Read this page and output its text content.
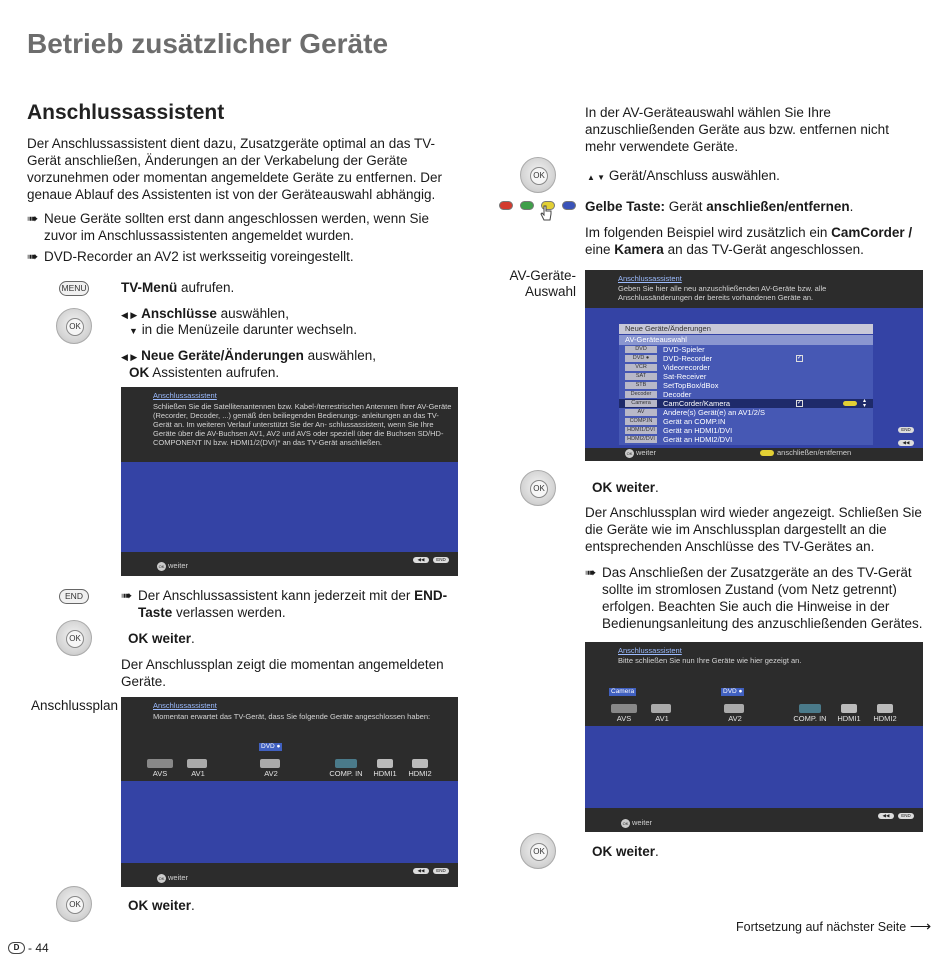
Betrieb zusätzlicher Geräte
Anschlussassistent
Der Anschlussassistent dient dazu, Zusatzgeräte optimal an das TV-Gerät anschließen, Änderungen an der Verkabelung der Geräte vorzunehmen oder momentan angemeldete Geräte zu entfernen. Der genaue Ablauf des Assistenten ist von der Geräteauswahl abhängig.
➠ Neue Geräte sollten erst dann angeschlossen werden, wenn Sie zuvor im Anschlussassistenten angemeldet wurden.
➠ DVD-Recorder an AV2 ist werksseitig voreingestellt.
MENU	TV-Menü aufrufen.
OK
◀ ▶ Anschlüsse auswählen,
▼ in die Menüzeile darunter wechseln.
◀ ▶ Neue Geräte/Änderungen auswählen,
OK Assistenten aufrufen.
Anschlussassistent
Schließen Sie die Satellitenantennen bzw. Kabel-/terrestrischen Antennen Ihrer AV-Geräte (Recorder, Decoder, ...) gemäß den beiliegenden Bedienungs- anleitungen an das TV-Gerät an. Im weiteren Verlauf unterstützt Sie der An- schlussassistent, wenn Sie Ihre Geräte über die AV-Buchsen AV1, AV2 und AVS oder speziell über die Buchsen SD/HD-COMPONENT IN bzw. HDMI1/2(DVI)* an das TV-Gerät anschließen.
OK weiter
◀◀	END
END	➠ Der Anschlussassistent kann jederzeit mit der END-Taste verlassen werden.
OK	OK weiter.
Der Anschlussplan zeigt die momentan angemeldeten Geräte.
Anschlussplan	Anschlussassistent
Momentan erwartet das TV-Gerät, dass Sie folgende Geräte angeschlossen haben:
DVD ●
AVS	AV1	AV2	COMP. IN	HDMI1	HDMI2
OK weiter
◀◀	END
OK	OK weiter.
D - 44
In der AV-Geräteauswahl wählen Sie Ihre anzuschließenden Geräte aus bzw. entfernen nicht mehr verwendete Geräte.
OK	▲ ▼ Gerät/Anschluss auswählen.
Gelbe Taste: Gerät anschließen/entfernen.
Im folgenden Beispiel wird zusätzlich ein CamCorder / eine Kamera an das TV-Gerät angeschlossen.
AV-Geräte-
Auswahl
Anschlussassistent
Geben Sie hier alle neu anzuschließenden AV-Geräte bzw. alle Anschlussänderungen der bereits vorhandenen Geräte an.
Neue Geräte/Änderungen
AV-Geräteauswahl
DVD	DVD-Spieler
DVD ●	DVD-Recorder	✓
VCR	Videorecorder
SAT	Sat-Receiver
STB	SetTopBox/dBox
Decoder	Decoder
Camera	CamCorder/Kamera	✓	▴
▾
AV	Andere(s) Gerät(e) an AV1/2/S
COMP.IN	Gerät an COMP.IN
HDMI1/DVI Gerät an HDMI1/DVI
HDMI2/DVI Gerät an HDMI2/DVI
END
◀◀
OK weiter	anschließen/entfernen
OK	OK weiter.
Der Anschlussplan wird wieder angezeigt. Schließen Sie die Geräte wie im Anschlussplan dargestellt an die entsprechenden Anschlüsse des TV-Gerätes an.
➠ Das Anschließen der Zusatzgeräte an des TV-Gerät sollte im stromlosen Zustand (vom Netz getrennt) erfolgen. Beachten Sie auch die Hinweise in der Bedienungsanleitung des anzuschließenden Gerätes.
Anschlussassistent
Bitte schließen Sie nun Ihre Geräte wie hier gezeigt an.
Camera	DVD ●
AVS	AV1	AV2	COMP. IN	HDMI1	HDMI2
OK weiter
◀◀	END
OK	OK weiter.
Fortsetzung auf nächster Seite ⟶
